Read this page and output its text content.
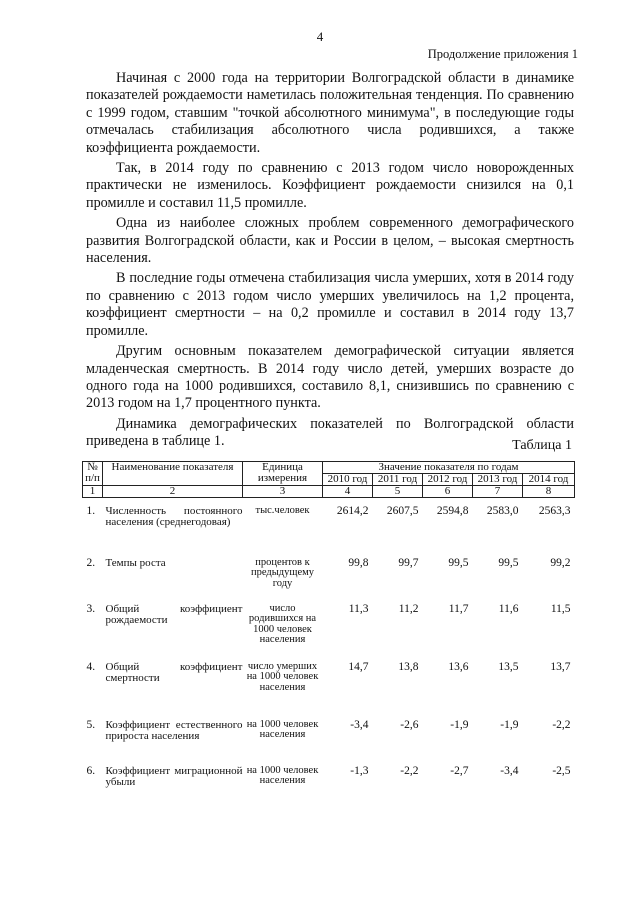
4
Продолжение приложения 1

Начиная с 2000 года на территории Волгоградской области в динамике показателей рождаемости наметилась положительная тенденция. По сравнению с 1999 годом, ставшим "точкой абсолютного минимума", в последующие годы отмечалась стабилизация абсолютного числа родившихся, а также коэффициента рождаемости.

Так, в 2014 году по сравнению с 2013 годом число новорожденных практически не изменилось. Коэффициент рождаемости снизился на 0,1 промилле и составил 11,5 промилле.

Одна из наиболее сложных проблем современного демографического развития Волгоградской области, как и России в целом, – высокая смертность населения.

В последние годы отмечена стабилизация числа умерших, хотя в 2014 году по сравнению с 2013 годом число умерших увеличилось на 1,2 процента, коэффициент смертности – на 0,2 промилле и составил в 2014 году 13,7 промилле.

Другим основным показателем демографической ситуации является младенческая смертность. В 2014 году число детей, умерших возрасте до одного года на 1000 родившихся, составило 8,1, снизившись по сравнению с 2013 годом на 1,7 процентного пункта.

Динамика демографических показателей по Волгоградской области приведена в таблице 1.	Таблица 1
№ п/п	Наименование показателя	Единица измерения	Значение показателя по годам				
			2010 год	2011 год	2012 год	2013 год	2014 год
1	2	3	4	5	6	7	8
1.	Численность постоянного населения (среднегодовая)	тыс.человек	2614,2	2607,5	2594,8	2583,0	2563,3
2.	Темпы роста	процентов к предыдущему году	99,8	99,7	99,5	99,5	99,2
3.	Общий коэффициент рождаемости	число родившихся на 1000 человек населения	11,3	11,2	11,7	11,6	11,5
4.	Общий коэффициент смертности	число умерших на 1000 человек населения	14,7	13,8	13,6	13,5	13,7
5.	Коэффициент естественного прироста населения	на 1000 человек населения	-3,4	-2,6	-1,9	-1,9	-2,2
6.	Коэффициент миграционной убыли	на 1000 человек населения	-1,3	-2,2	-2,7	-3,4	-2,5
